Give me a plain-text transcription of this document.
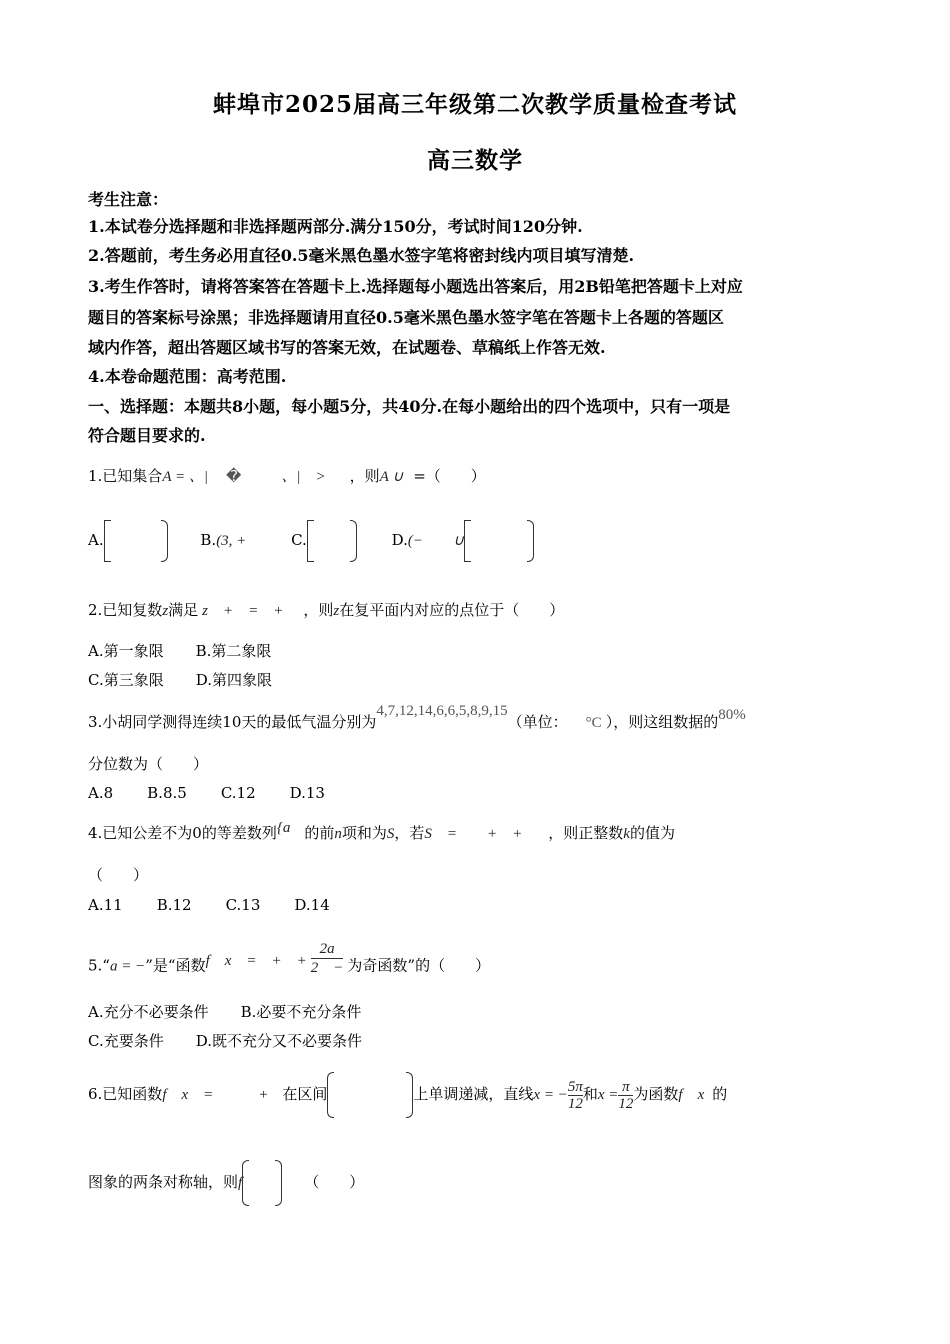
蚌埠市2025届高三年级第二次教学质量检查考试
高三数学
考生注意：
1.本试卷分选择题和非选择题两部分.满分150分，考试时间120分钟.
2.答题前，考生务必用直径0.5毫米黑色墨水签字笔将密封线内项目填写清楚.
3.考生作答时，请将答案答在答题卡上.选择题每小题选出答案后，用2B铅笔把答题卡上对应
题目的答案标号涂黑；非选择题请用直径0.5毫米黑色墨水签字笔在答题卡上各题的答题区
域内作答，超出答题区域书写的答案无效，在试题卷、草稿纸上作答无效.
4.本卷命题范围：高考范围.
一、选择题：本题共8小题，每小题5分，共40分.在每小题给出的四个选项中，只有一项是
符合题目要求的.
1.已知集合A = 、| �	、|　> ，则A ∪ =（　　）
A.	B.(3, +	C.	D.(− ∪
2.已知复数z满足 z　+　=　+ ，则z在复平面内对应的点位于（　　）
A.第一象限 B.第二象限
C.第三象限 D.第四象限
3.小胡同学测得连续10天的最低气温分别为4,7,12,14,6,6,5,8,9,15（单位： °C ），则这组数据的80%
分位数为（　　）
A.8 B.8.5 C.12 D.13
4.已知公差不为0的等差数列{a 的前n项和为S，若S　=　　+　+ ，则正整数k的值为
（　　）
A.11 B.12 C.13 D.14
5.“a = −”是“函数f　x　=　+　+ $\frac{2a}{2 -}$ 为奇函数”的（　　）
A.充分不必要条件 B.必要不充分条件
C.充要条件 D.既不充分又不必要条件
6.已知函数f　x　=　　　+ 在区间	上单调递减，直线x = − $\frac{5\pi}{12}$ 和$x = \frac{\pi}{12}$ 为函数f　x 的
图象的两条对称轴，则f	（　　）
